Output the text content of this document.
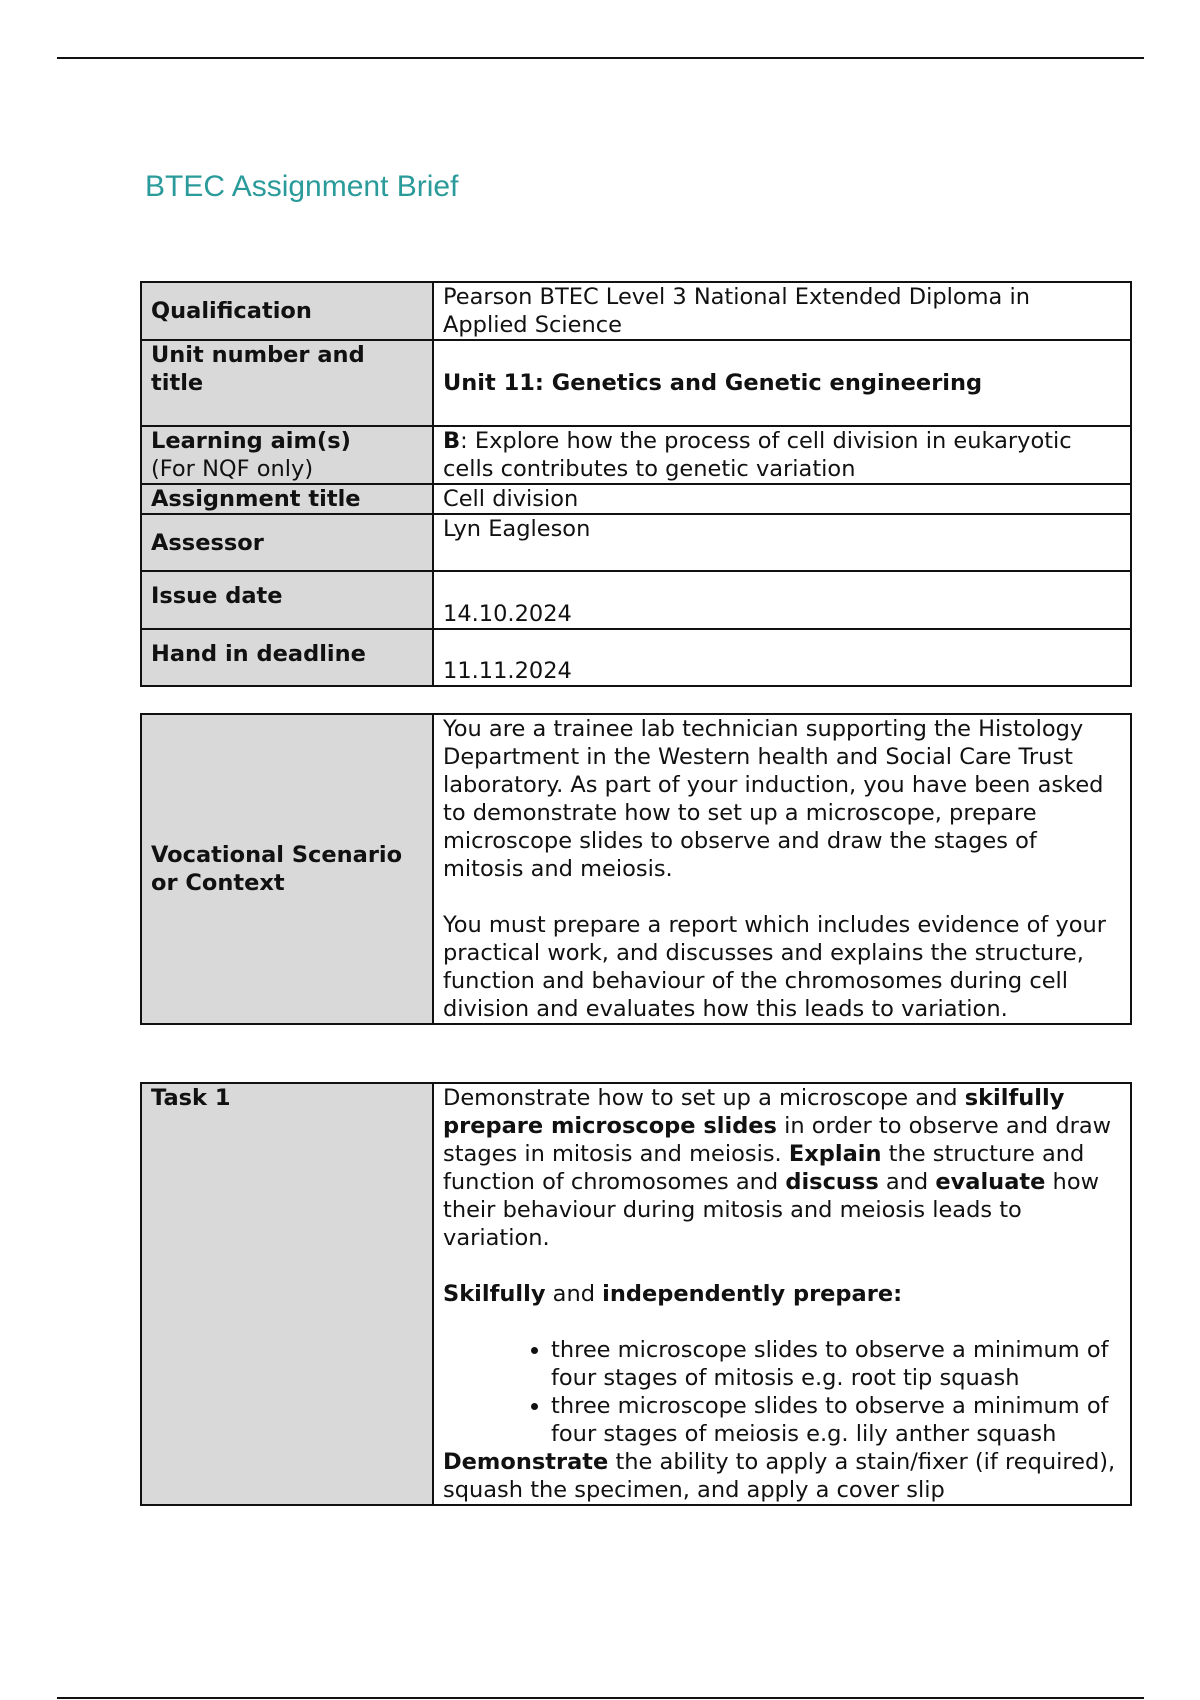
BTEC Assignment Brief
Qualification	Pearson BTEC Level 3 National Extended Diploma in Applied Science
Unit number and title	Unit 11: Genetics and Genetic engineering

Learning aim(s)
(For NQF only)	B: Explore how the process of cell division in eukaryotic cells contributes to genetic variation
Assignment title	Cell division
Assessor	Lyn Eagleson
Issue date	14.10.2024
Hand in deadline	11.11.2024
Vocational Scenario or Context	

You are a trainee lab technician supporting the Histology Department in the Western health and Social Care Trust laboratory. As part of your induction, you have been asked to demonstrate how to set up a microscope, prepare microscope slides to observe and draw the stages of mitosis and meiosis.

You must prepare a report which includes evidence of your practical work, and discusses and explains the structure, function and behaviour of the chromosomes during cell division and evaluates how this leads to variation.

Task 1	Demonstrate how to set up a microscope and skilfully prepare microscope slides in order to observe and draw stages in mitosis and meiosis. Explain the structure and function of chromosomes and discuss and evaluate how their behaviour during mitosis and meiosis leads to variation.

Skilfully and independently prepare:

• three microscope slides to observe a minimum of four stages of mitosis e.g. root tip squash
• three microscope slides to observe a minimum of four stages of meiosis e.g. lily anther squash

Demonstrate the ability to apply a stain/fixer (if required), squash the specimen, and apply a cover slip
